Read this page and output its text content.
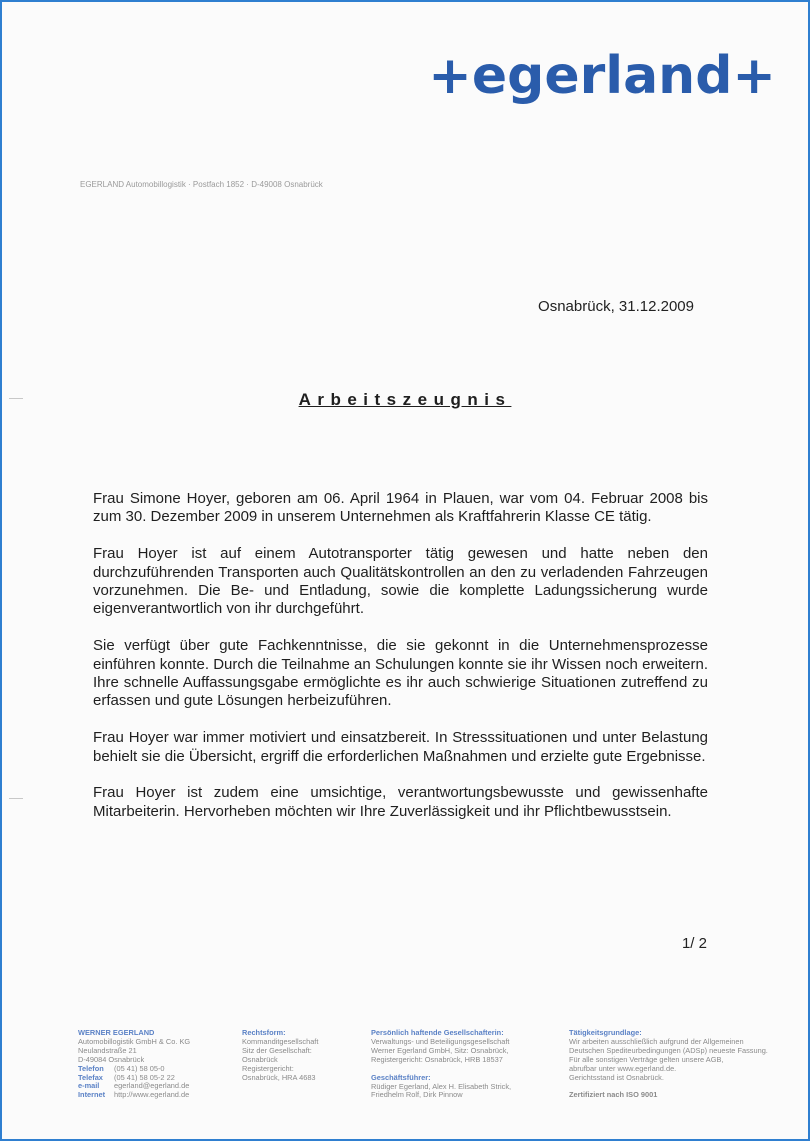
+egerland+
EGERLAND Automobillogistik · Postfach 1852 · D-49008 Osnabrück
Osnabrück, 31.12.2009
Arbeitszeugnis

Frau Simone Hoyer, geboren am 06. April 1964 in Plauen, war vom 04. Februar 2008 bis zum 30. Dezember 2009 in unserem Unternehmen als Kraftfahrerin Klasse CE tätig.

Frau Hoyer ist auf einem Autotransporter tätig gewesen und hatte neben den durchzuführenden Transporten auch Qualitätskontrollen an den zu verladenden Fahrzeugen vorzunehmen. Die Be- und Entladung, sowie die komplette Ladungssicherung wurde eigenverantwortlich von ihr durchgeführt.

Sie verfügt über gute Fachkenntnisse, die sie gekonnt in die Unternehmensprozesse einführen konnte. Durch die Teilnahme an Schulungen konnte sie ihr Wissen noch erweitern. Ihre schnelle Auffassungsgabe ermöglichte es ihr auch schwierige Situationen zutreffend zu erfassen und gute Lösungen herbeizuführen.

Frau Hoyer war immer motiviert und einsatzbereit. In Stresssituationen und unter Belastung behielt sie die Übersicht, ergriff die erforderlichen Maßnahmen und erzielte gute Ergebnisse.

Frau Hoyer ist zudem eine umsichtige, verantwortungsbewusste und gewissenhafte Mitarbeiterin. Hervorheben möchten wir Ihre Zuverlässigkeit und ihr Pflichtbewusstsein.

1/ 2
WERNER EGERLAND
Automobillogistik GmbH & Co. KG
Neulandstraße 21
D-49084 Osnabrück
Telefon (05 41) 58 05-0
Telefax (05 41) 58 05-2 22
e-mail egerland@egerland.de
Internet http://www.egerland.de
Rechtsform:
Kommanditgesellschaft
Sitz der Gesellschaft:
Osnabrück
Registergericht:
Osnabrück, HRA 4683
Persönlich haftende Gesellschafterin:
Verwaltungs- und Beteiligungsgesellschaft
Werner Egerland GmbH, Sitz: Osnabrück,
Registergericht: Osnabrück, HRB 18537
Geschäftsführer:
Rüdiger Egerland, Alex H. Elisabeth Strick,
Friedhelm Rolf, Dirk Pinnow
Tätigkeitsgrundlage:
Wir arbeiten ausschließlich aufgrund der Allgemeinen
Deutschen Spediteurbedingungen (ADSp) neueste Fassung.
Für alle sonstigen Verträge gelten unsere AGB,
abrufbar unter www.egerland.de.
Gerichtsstand ist Osnabrück.
Zertifiziert nach ISO 9001
